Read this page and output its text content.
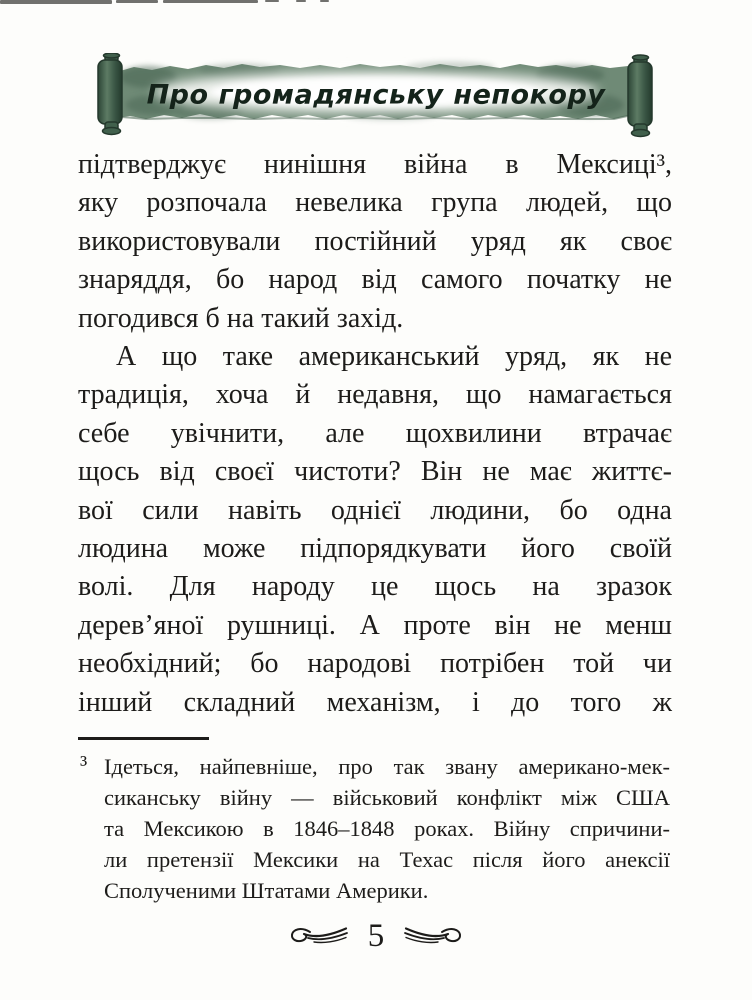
Про громадянську непокору
підтверджує нинішня війна в Мексиці³,
яку розпочала невелика група людей, що
використовували постійний уряд як своє
знаряддя, бо народ від самого початку не
погодився б на такий захід.
А що таке американський уряд, як не
традиція, хоча й недавня, що намагається
себе увічнити, але щохвилини втрачає
щось від своєї чистоти? Він не має життє-
вої сили навіть однієї людини, бо одна
людина може підпорядкувати його своїй
волі. Для народу це щось на зразок
дерев’яної рушниці. А проте він не менш
необхідний; бо народові потрібен той чи
інший складний механізм, і до того ж
³ Ідеться, найпевніше, про так звану американо-мек-
сиканську війну — військовий конфлікт між США
та Мексикою в 1846–1848 роках. Війну спричини-
ли претензії Мексики на Техас після його анексії
Сполученими Штатами Америки.
5
